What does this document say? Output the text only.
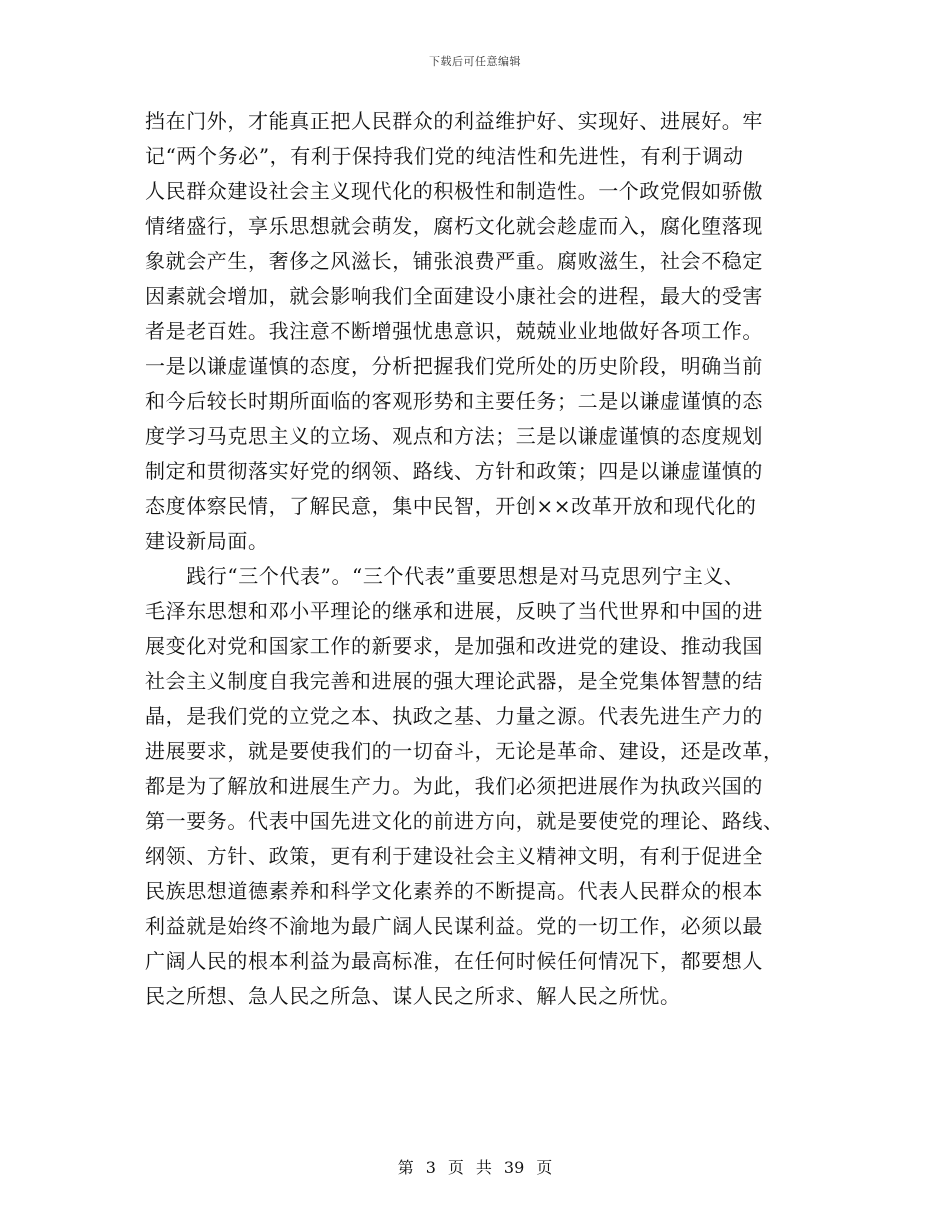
下载后可任意编辑
挡在门外，才能真正把人民群众的利益维护好、实现好、进展好。牢
记“两个务必”，有利于保持我们党的纯洁性和先进性，有利于调动
人民群众建设社会主义现代化的积极性和制造性。一个政党假如骄傲
情绪盛行，享乐思想就会萌发，腐朽文化就会趁虚而入，腐化堕落现
象就会产生，奢侈之风滋长，铺张浪费严重。腐败滋生，社会不稳定
因素就会增加，就会影响我们全面建设小康社会的进程，最大的受害
者是老百姓。我注意不断增强忧患意识，兢兢业业地做好各项工作。
一是以谦虚谨慎的态度，分析把握我们党所处的历史阶段，明确当前
和今后较长时期所面临的客观形势和主要任务；二是以谦虚谨慎的态
度学习马克思主义的立场、观点和方法；三是以谦虚谨慎的态度规划
制定和贯彻落实好党的纲领、路线、方针和政策；四是以谦虚谨慎的
态度体察民情，了解民意，集中民智，开创××改革开放和现代化的
建设新局面。
　　践行“三个代表”。“三个代表”重要思想是对马克思列宁主义、
毛泽东思想和邓小平理论的继承和进展，反映了当代世界和中国的进
展变化对党和国家工作的新要求，是加强和改进党的建设、推动我国
社会主义制度自我完善和进展的强大理论武器，是全党集体智慧的结
晶，是我们党的立党之本、执政之基、力量之源。代表先进生产力的
进展要求，就是要使我们的一切奋斗，无论是革命、建设，还是改革，
都是为了解放和进展生产力。为此，我们必须把进展作为执政兴国的
第一要务。代表中国先进文化的前进方向，就是要使党的理论、路线、
纲领、方针、政策，更有利于建设社会主义精神文明，有利于促进全
民族思想道德素养和科学文化素养的不断提高。代表人民群众的根本
利益就是始终不渝地为最广阔人民谋利益。党的一切工作，必须以最
广阔人民的根本利益为最高标准，在任何时候任何情况下，都要想人
民之所想、急人民之所急、谋人民之所求、解人民之所忧。
第 3 页 共 39 页
